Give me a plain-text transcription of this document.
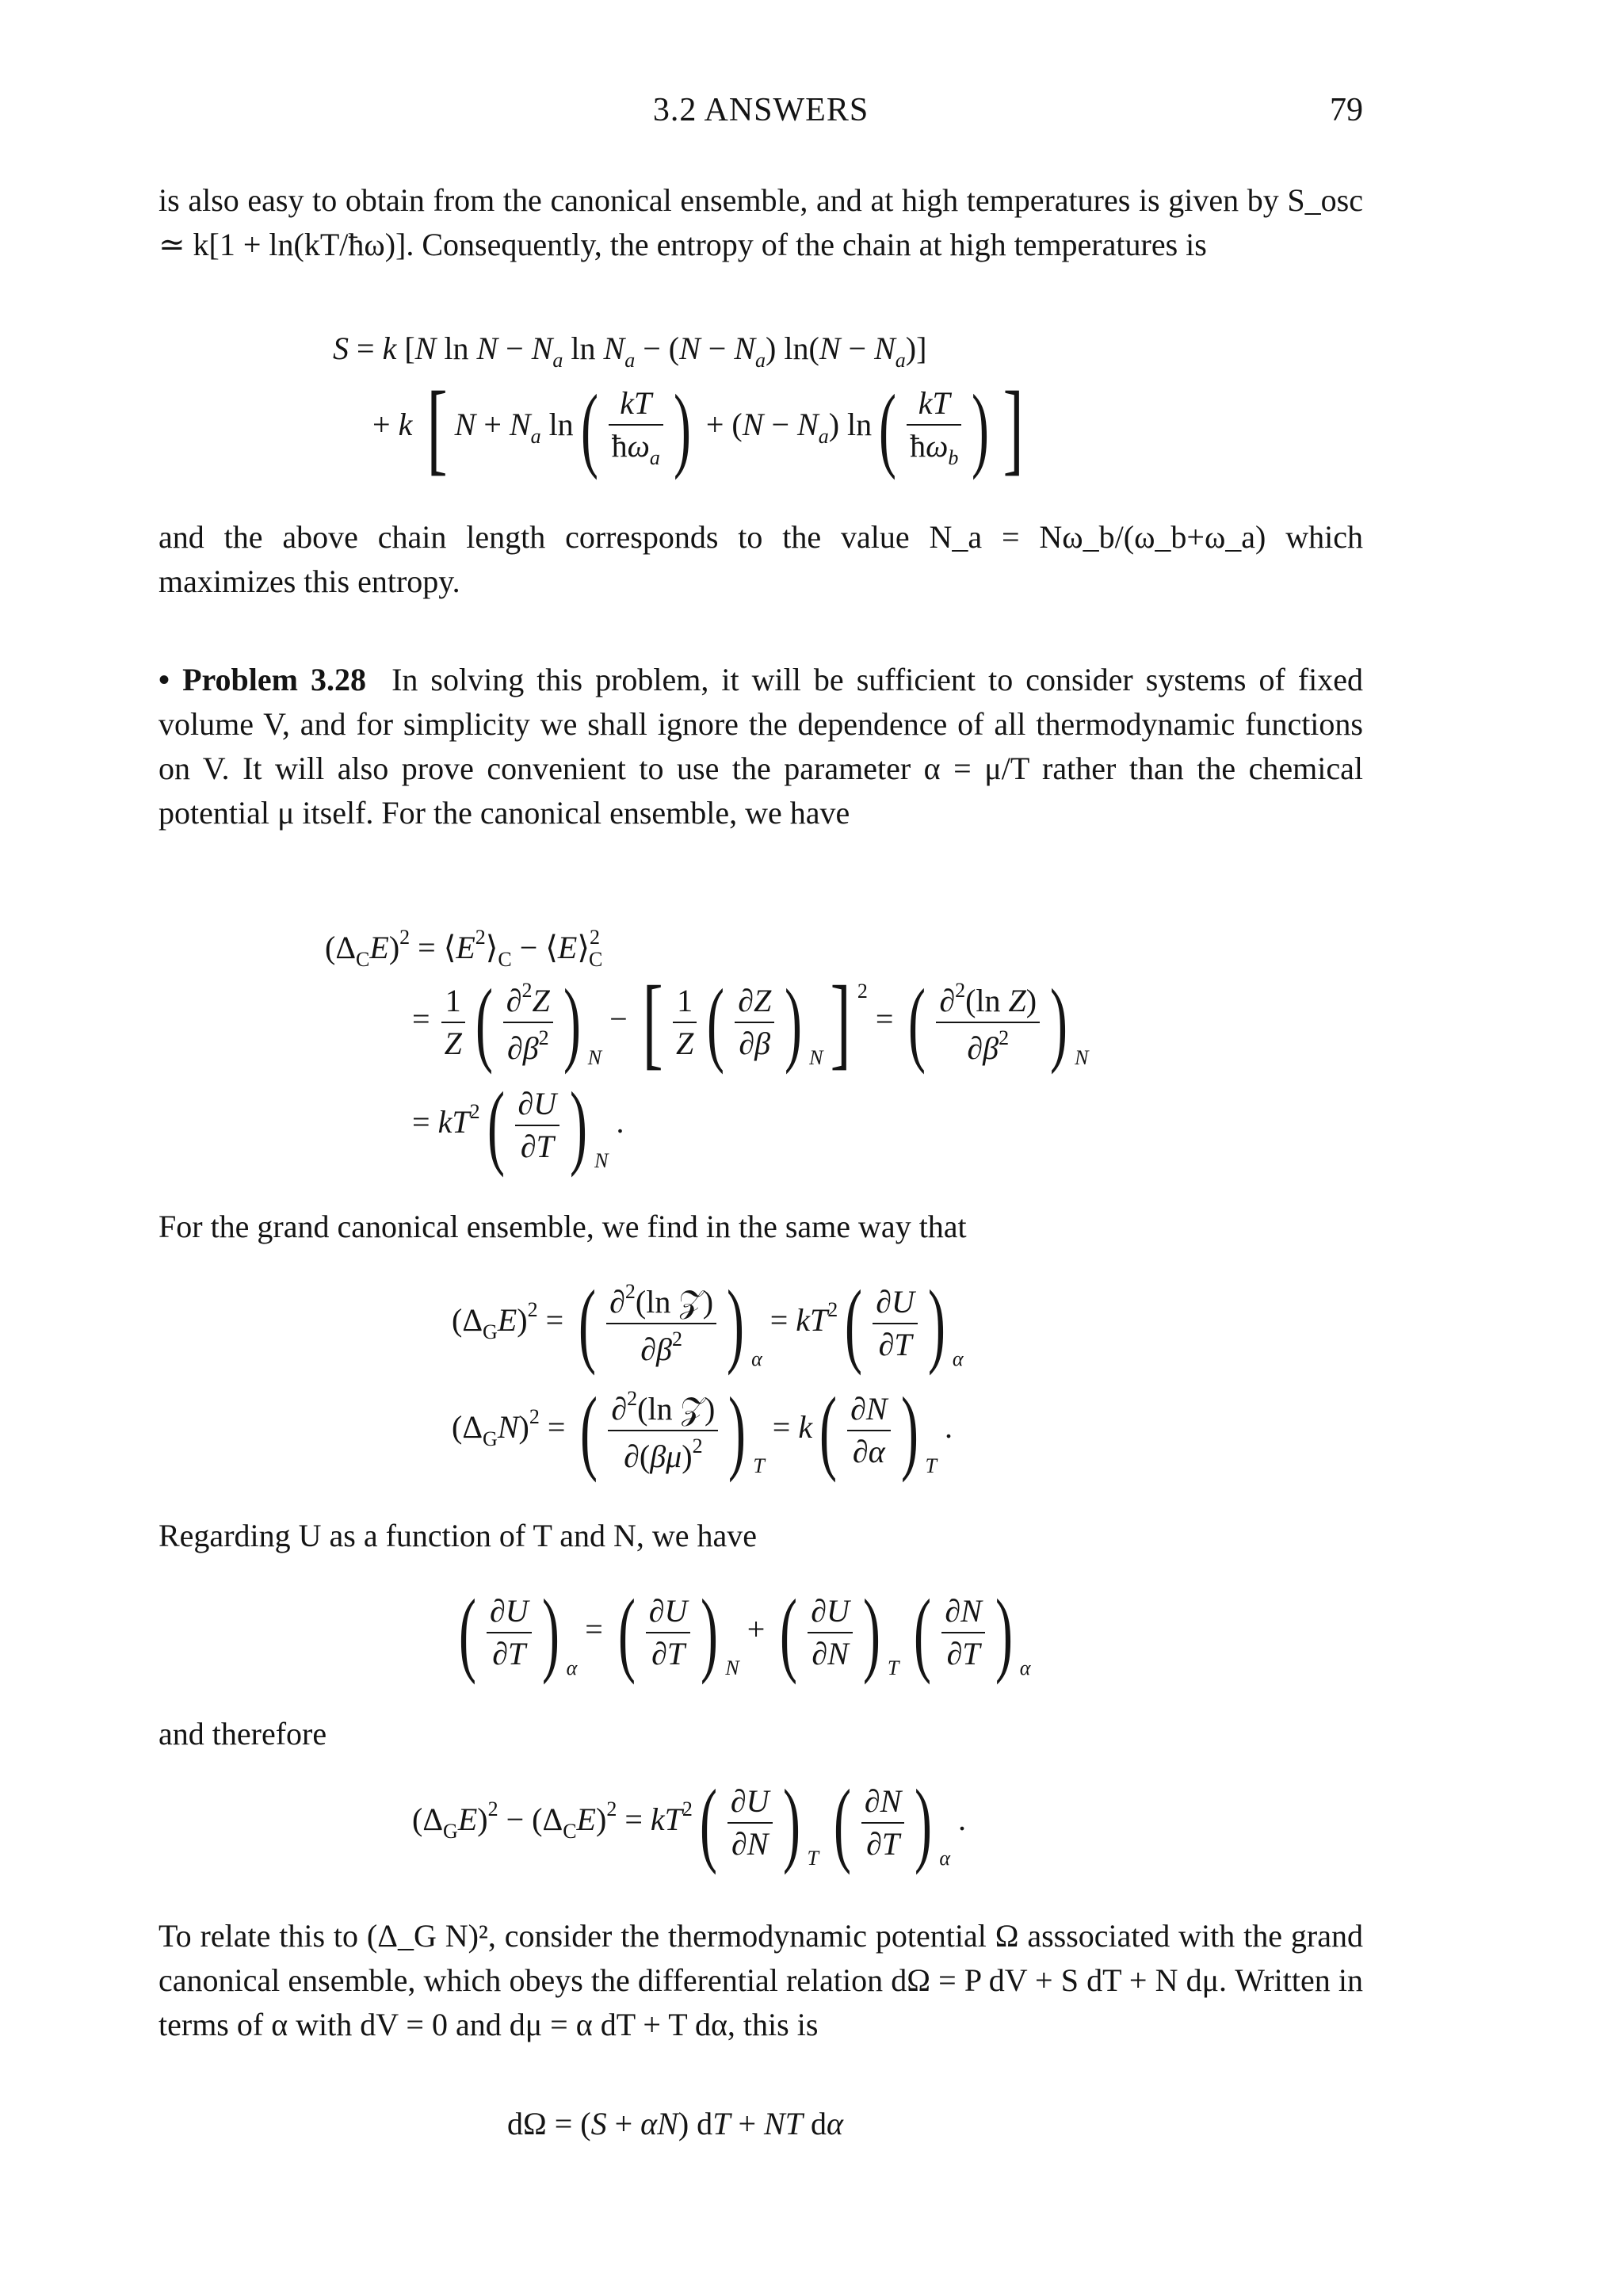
3.2 ANSWERS	79

is also easy to obtain from the canonical ensemble, and at high temperatures is given by S_osc ≃ k[1 + ln(kT/ħω)]. Consequently, the entropy of the chain at high temperatures is

S = k [N $\ln N - N_a$ $\ln N_a - (N - N_a) \ln(N - N_a)$]
+ k [ $N + N_a$ $\ln( \frac{kT}{ħ\omega_a}$ ) + $(N - N_a)$ $\ln( \frac{kT}{ħ\omega_b}$ ) ]

and the above chain length corresponds to the value N_a = Nω_b/(ω_b+ω_a) which maximizes this entropy.

• Problem 3.28 In solving this problem, it will be sufficient to consider systems of fixed volume V, and for simplicity we shall ignore the dependence of all thermodynamic functions on V. It will also prove convenient to use the parameter α = μ/T rather than the chemical potential μ itself. For the canonical ensemble, we have

$(\Delta_CE)^2$ = $⟨E^2⟩_C$ − ⟨E⟩$^2_C$
= $\frac{1}{Z}$ ( $\frac{\partial^2Z}{\partial\beta^2}$ ) $_N$ − [ $\frac{1}{Z}$ ( $\frac{\partial Z}{\partial\beta}$ ) $_N$] $^2$ = ( $\frac{\partial^2(\ln Z)}{\partial\beta^2}$ ) $_N$
= $kT^2( \frac{\partial U}{\partial T}$ ) $_N$ .

For the grand canonical ensemble, we find in the same way that

$(\Delta_GE)^2$ = ( $\frac{\partial^2(\ln 𝒵)}{\partial\beta^2}$ ) $_\alpha = kT^2( \frac{\partial U}{\partial T}$ ) $_\alpha$
$(\Delta_GN)^2$ = ( $\frac{\partial^2(\ln 𝒵)}{\partial(\beta\mu)^2}$ ) $_T = k( \frac{\partial N}{\partial\alpha}$ ) $_T$ .

Regarding U as a function of T and N, we have

( $\frac{\partial U}{\partial T}$ ) $_\alpha$ = ( $\frac{\partial U}{\partial T}$ ) $_N$ + ( $\frac{\partial U}{\partial N}$ ) $_T$ ( $\frac{\partial N}{\partial T}$ ) $_\alpha$

and therefore

$(\Delta_GE)^2 - (\Delta_CE)^2 = kT^2( \frac{\partial U}{\partial N}$ ) $_T$ ( $\frac{\partial N}{\partial T}$ ) $_\alpha$ .

To relate this to (Δ_G N)², consider the thermodynamic potential Ω asssociated with the grand canonical ensemble, which obeys the differential relation dΩ = P dV + S dT + N dμ. Written in terms of α with dV = 0 and dμ = α dT + T dα, this is

dΩ = (S + αN) dT + NT dα
